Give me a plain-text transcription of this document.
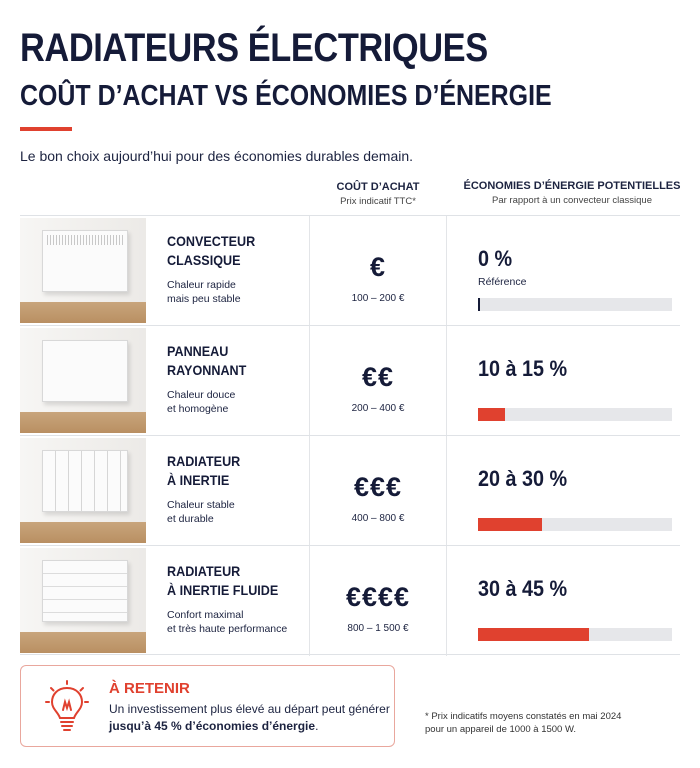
RADIATEURS ÉLECTRIQUES
COÛT D’ACHAT VS ÉCONOMIES D’ÉNERGIE
Le bon choix aujourd’hui pour des économies durables demain.
COÛT D’ACHAT
Prix indicatif TTC*
ÉCONOMIES D’ÉNERGIE POTENTIELLES
Par rapport à un convecteur classique
CONVECTEUR
CLASSIQUE
Chaleur rapide
mais peu stable
€
100 – 200 €
0 %
Référence
PANNEAU
RAYONNANT
Chaleur douce
et homogène
€€
200 – 400 €
10 à 15 %
RADIATEUR
À INERTIE
Chaleur stable
et durable
€€€
400 – 800 €
20 à 30 %
RADIATEUR
À INERTIE FLUIDE
Confort maximal
et très haute performance
€€€€
800 – 1 500 €
30 à 45 %
À RETENIR
Un investissement plus élevé au départ peut générer jusqu’à 45 % d’économies d’énergie.
* Prix indicatifs moyens constatés en mai 2024
pour un appareil de 1000 à 1500 W.
